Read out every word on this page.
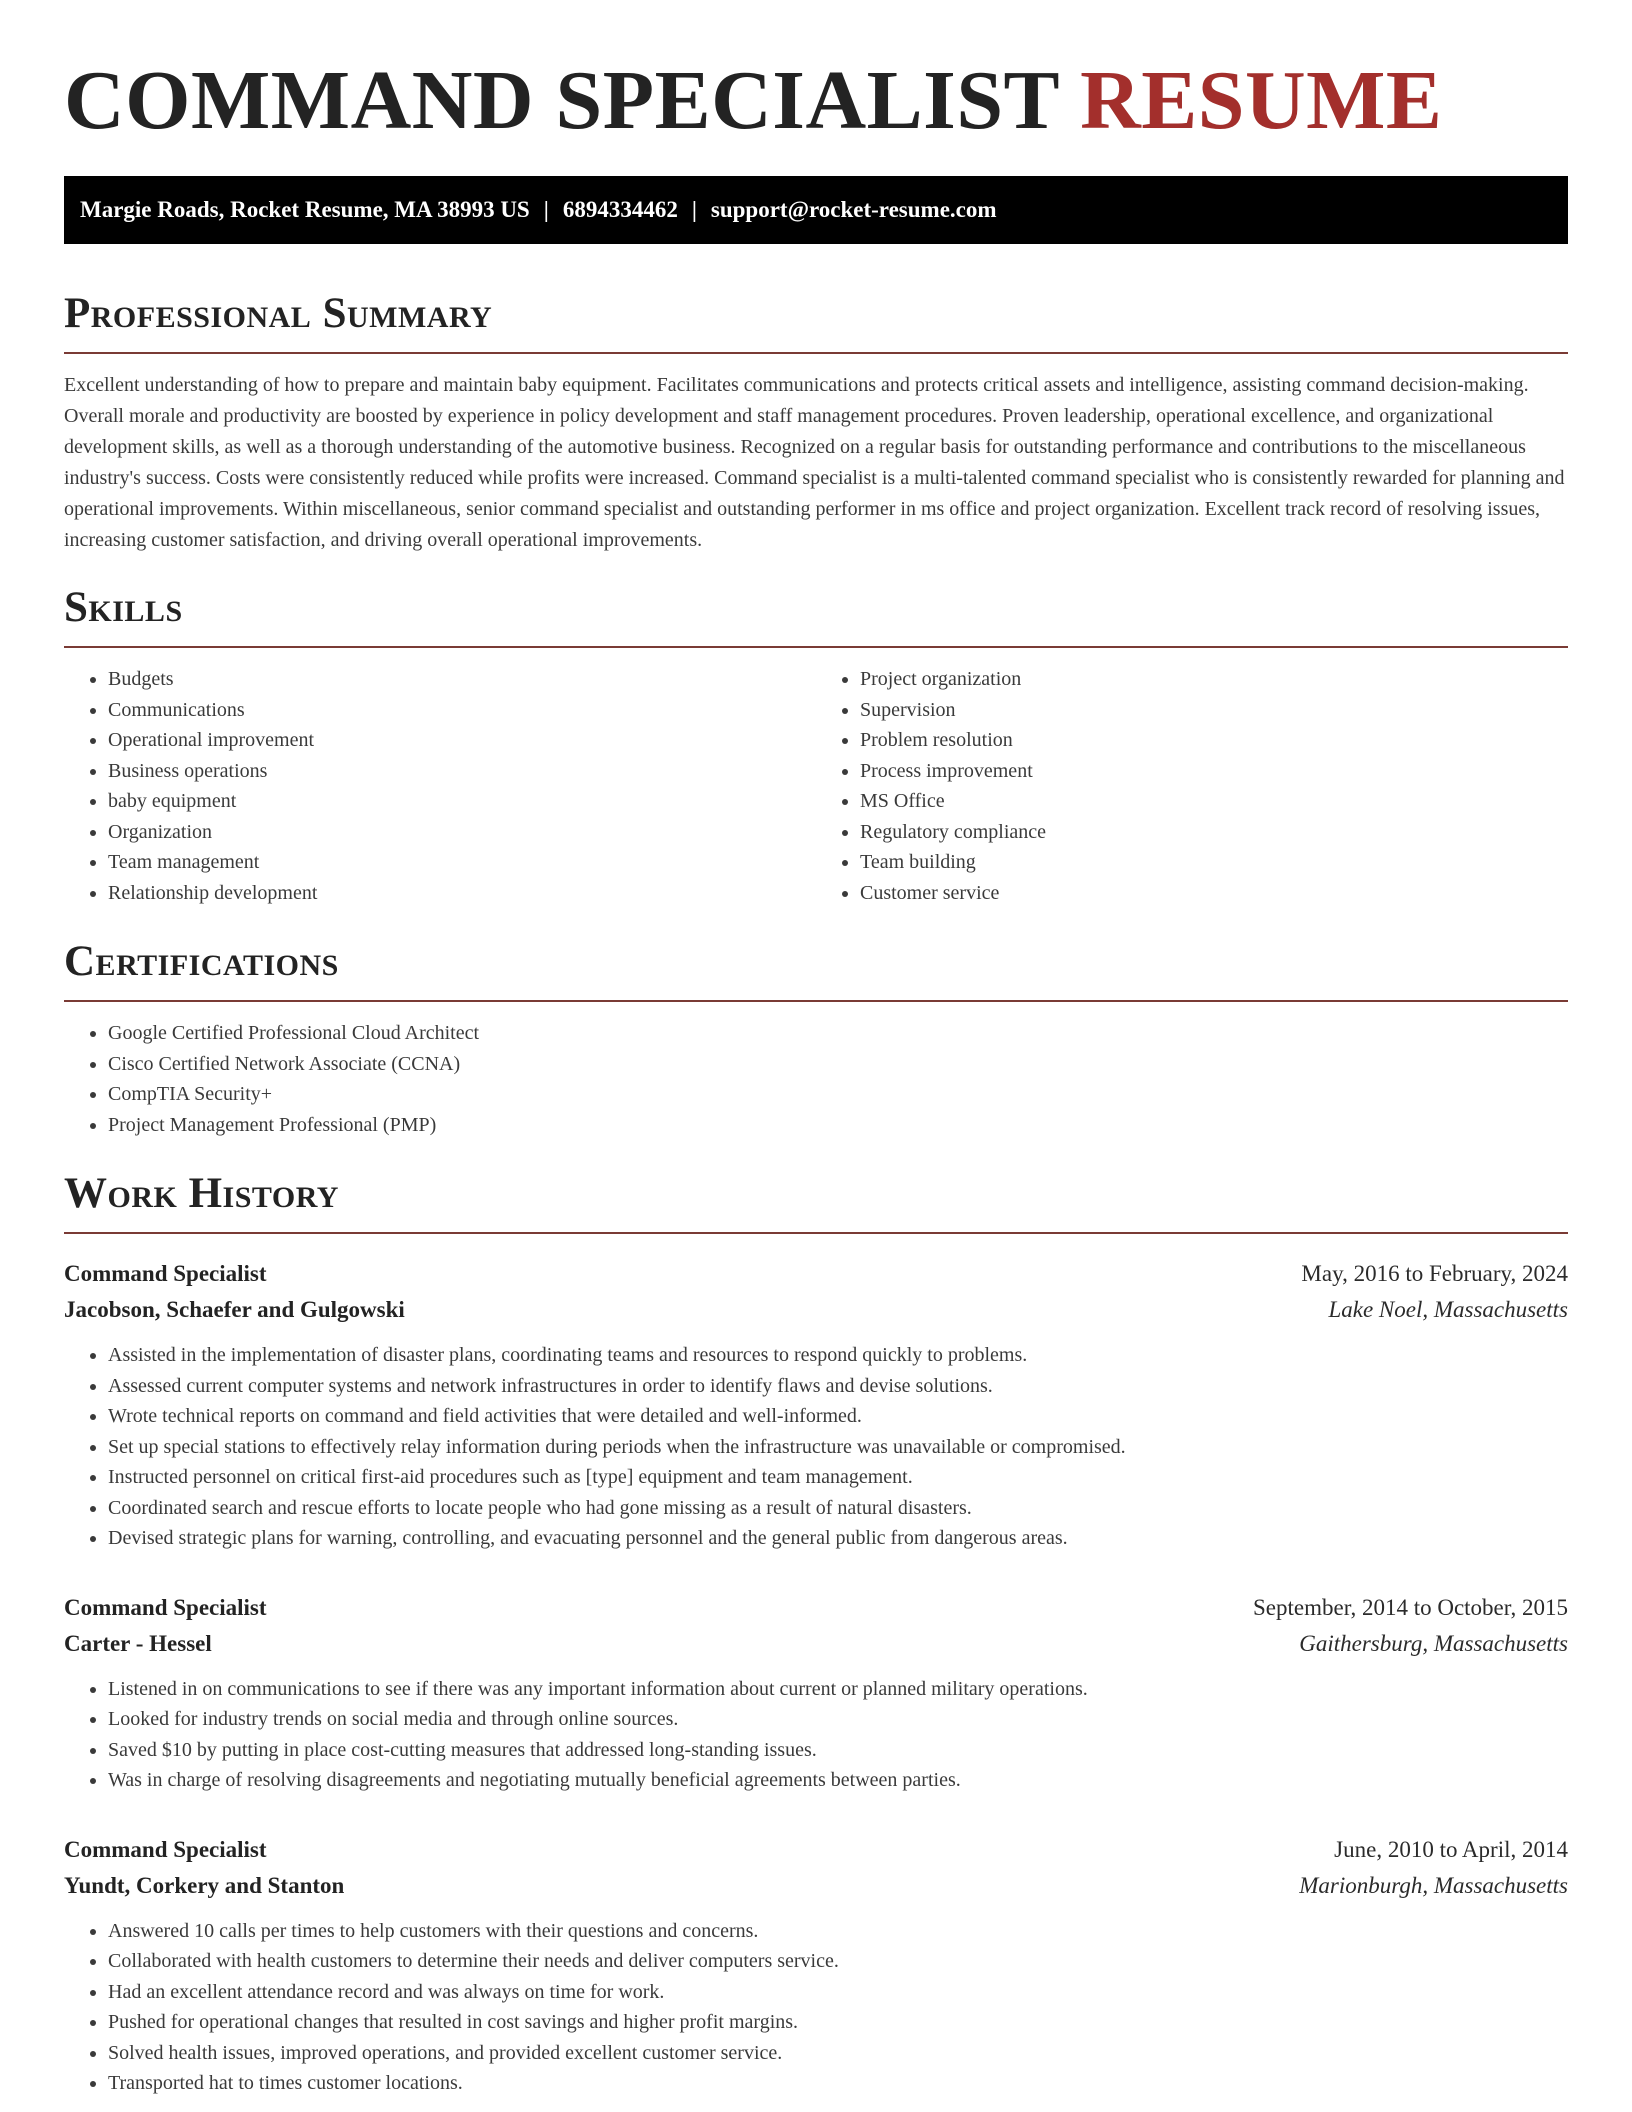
COMMAND SPECIALIST RESUME
Margie Roads, Rocket Resume, MA 38993 US | 6894334462 | support@rocket-resume.com
Professional Summary

Excellent understanding of how to prepare and maintain baby equipment. Facilitates communications and protects critical assets and intelligence, assisting command decision-making. Overall morale and productivity are boosted by experience in policy development and staff management procedures. Proven leadership, operational excellence, and organizational development skills, as well as a thorough understanding of the automotive business. Recognized on a regular basis for outstanding performance and contributions to the miscellaneous industry's success. Costs were consistently reduced while profits were increased. Command specialist is a multi-talented command specialist who is consistently rewarded for planning and operational improvements. Within miscellaneous, senior command specialist and outstanding performer in ms office and project organization. Excellent track record of resolving issues, increasing customer satisfaction, and driving overall operational improvements.

Skills
• Budgets
• Communications
• Operational improvement
• Business operations
• baby equipment
• Organization
• Team management
• Relationship development
• Project organization
• Supervision
• Problem resolution
• Process improvement
• MS Office
• Regulatory compliance
• Team building
• Customer service
Certifications
• Google Certified Professional Cloud Architect
• Cisco Certified Network Associate (CCNA)
• CompTIA Security+
• Project Management Professional (PMP)
Work History
Command Specialist	May, 2016 to February, 2024
Jacobson, Schaefer and Gulgowski	Lake Noel, Massachusetts
• Assisted in the implementation of disaster plans, coordinating teams and resources to respond quickly to problems.
• Assessed current computer systems and network infrastructures in order to identify flaws and devise solutions.
• Wrote technical reports on command and field activities that were detailed and well-informed.
• Set up special stations to effectively relay information during periods when the infrastructure was unavailable or compromised.
• Instructed personnel on critical first-aid procedures such as [type] equipment and team management.
• Coordinated search and rescue efforts to locate people who had gone missing as a result of natural disasters.
• Devised strategic plans for warning, controlling, and evacuating personnel and the general public from dangerous areas.
Command Specialist	September, 2014 to October, 2015
Carter - Hessel	Gaithersburg, Massachusetts
• Listened in on communications to see if there was any important information about current or planned military operations.
• Looked for industry trends on social media and through online sources.
• Saved $10 by putting in place cost-cutting measures that addressed long-standing issues.
• Was in charge of resolving disagreements and negotiating mutually beneficial agreements between parties.
Command Specialist	June, 2010 to April, 2014
Yundt, Corkery and Stanton	Marionburgh, Massachusetts
• Answered 10 calls per times to help customers with their questions and concerns.
• Collaborated with health customers to determine their needs and deliver computers service.
• Had an excellent attendance record and was always on time for work.
• Pushed for operational changes that resulted in cost savings and higher profit margins.
• Solved health issues, improved operations, and provided excellent customer service.
• Transported hat to times customer locations.
